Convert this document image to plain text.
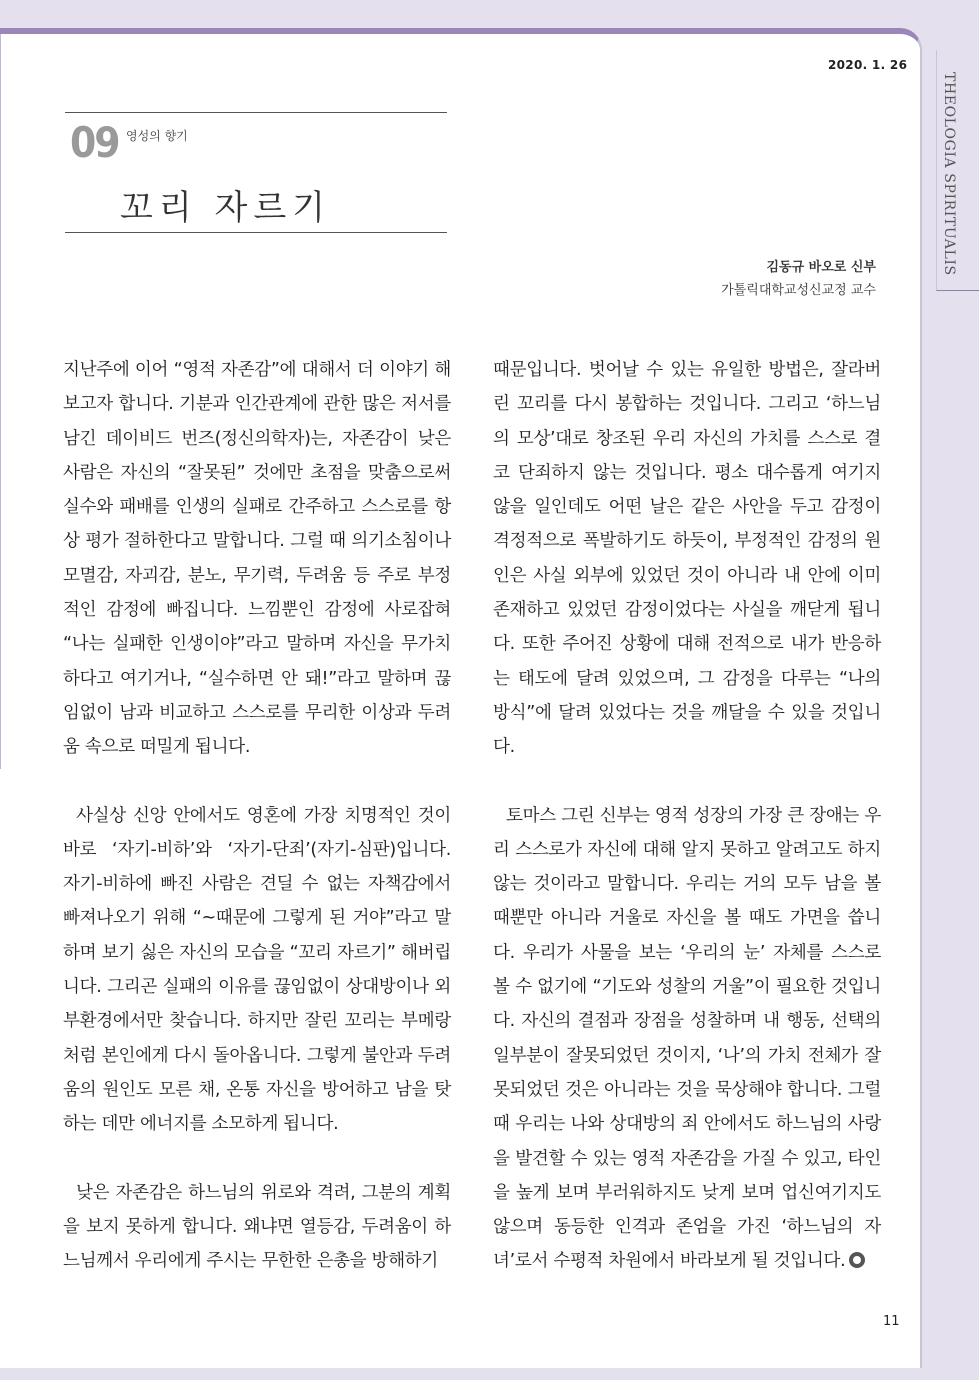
2020. 1. 26
THEOLOGIA SPIRITUALIS
09 영성의 향기
꼬리 자르기
김동규 바오로 신부
가톨릭대학교성신교정 교수

지난주에 이어 “영적 자존감”에 대해서 더 이야기 해 보고자 합니다. 기분과 인간관계에 관한 많은 저서를 남긴 데이비드 번즈(정신의학자)는, 자존감이 낮은 사람은 자신의 “잘못된” 것에만 초점을 맞춤으로써 실수와 패배를 인생의 실패로 간주하고 스스로를 항상 평가 절하한다고 말합니다. 그럴 때 의기소침이나 모멸감, 자괴감, 분노, 무기력, 두려움 등 주로 부정적인 감정에 빠집니다. 느낌뿐인 감정에 사로잡혀 “나는 실패한 인생이야”라고 말하며 자신을 무가치하다고 여기거나, “실수하면 안 돼!”라고 말하며 끊임없이 남과 비교하고 스스로를 무리한 이상과 두려움 속으로 떠밀게 됩니다.

사실상 신앙 안에서도 영혼에 가장 치명적인 것이 바로 ‘자기-비하’와 ‘자기-단죄’(자기-심판)입니다. 자기-비하에 빠진 사람은 견딜 수 없는 자책감에서 빠져나오기 위해 “~때문에 그렇게 된 거야”라고 말하며 보기 싫은 자신의 모습을 “꼬리 자르기” 해버립니다. 그리곤 실패의 이유를 끊임없이 상대방이나 외부환경에서만 찾습니다. 하지만 잘린 꼬리는 부메랑처럼 본인에게 다시 돌아옵니다. 그렇게 불안과 두려움의 원인도 모른 채, 온통 자신을 방어하고 남을 탓하는 데만 에너지를 소모하게 됩니다.

낮은 자존감은 하느님의 위로와 격려, 그분의 계획을 보지 못하게 합니다. 왜냐면 열등감, 두려움이 하느님께서 우리에게 주시는 무한한 은총을 방해하기

때문입니다. 벗어날 수 있는 유일한 방법은, 잘라버린 꼬리를 다시 봉합하는 것입니다. 그리고 ‘하느님의 모상’대로 창조된 우리 자신의 가치를 스스로 결코 단죄하지 않는 것입니다. 평소 대수롭게 여기지 않을 일인데도 어떤 날은 같은 사안을 두고 감정이 격정적으로 폭발하기도 하듯이, 부정적인 감정의 원인은 사실 외부에 있었던 것이 아니라 내 안에 이미 존재하고 있었던 감정이었다는 사실을 깨닫게 됩니다. 또한 주어진 상황에 대해 전적으로 내가 반응하는 태도에 달려 있었으며, 그 감정을 다루는 “나의 방식”에 달려 있었다는 것을 깨달을 수 있을 것입니다.

토마스 그린 신부는 영적 성장의 가장 큰 장애는 우리 스스로가 자신에 대해 알지 못하고 알려고도 하지 않는 것이라고 말합니다. 우리는 거의 모두 남을 볼 때뿐만 아니라 거울로 자신을 볼 때도 가면을 씁니다. 우리가 사물을 보는 ‘우리의 눈’ 자체를 스스로 볼 수 없기에 “기도와 성찰의 거울”이 필요한 것입니다. 자신의 결점과 장점을 성찰하며 내 행동, 선택의 일부분이 잘못되었던 것이지, ‘나’의 가치 전체가 잘못되었던 것은 아니라는 것을 묵상해야 합니다. 그럴 때 우리는 나와 상대방의 죄 안에서도 하느님의 사랑을 발견할 수 있는 영적 자존감을 가질 수 있고, 타인을 높게 보며 부러워하지도 낮게 보며 업신여기지도 않으며 동등한 인격과 존엄을 가진 ‘하느님의 자녀’로서 수평적 차원에서 바라보게 될 것입니다.

11
